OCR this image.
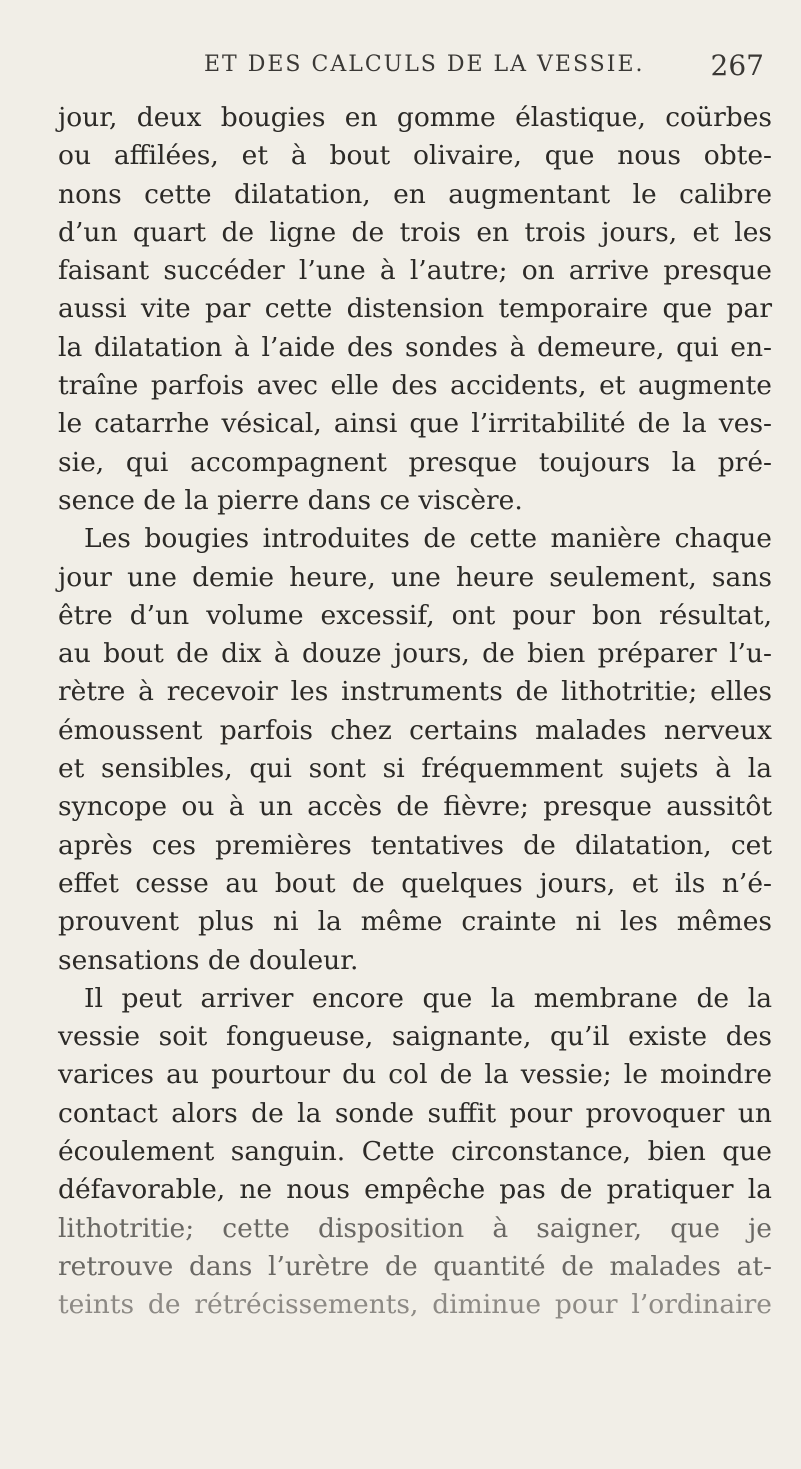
ET DES CALCULS DE LA VESSIE. 267
jour, deux bougies en gomme élastique, coürbes
ou affilées, et à bout olivaire, que nous obte-
nons cette dilatation, en augmentant le calibre
d’un quart de ligne de trois en trois jours, et les
faisant succéder l’une à l’autre; on arrive presque
aussi vite par cette distension temporaire que par
la dilatation à l’aide des sondes à demeure, qui en-
traîne parfois avec elle des accidents, et augmente
le catarrhe vésical, ainsi que l’irritabilité de la ves-
sie, qui accompagnent presque toujours la pré-
sence de la pierre dans ce viscère.
Les bougies introduites de cette manière chaque
jour une demie heure, une heure seulement, sans
être d’un volume excessif, ont pour bon résultat,
au bout de dix à douze jours, de bien préparer l’u-
rètre à recevoir les instruments de lithotritie; elles
émoussent parfois chez certains malades nerveux
et sensibles, qui sont si fréquemment sujets à la
syncope ou à un accès de fièvre; presque aussitôt
après ces premières tentatives de dilatation, cet
effet cesse au bout de quelques jours, et ils n’é-
prouvent plus ni la même crainte ni les mêmes
sensations de douleur.
Il peut arriver encore que la membrane de la
vessie soit fongueuse, saignante, qu’il existe des
varices au pourtour du col de la vessie; le moindre
contact alors de la sonde suffit pour provoquer un
écoulement sanguin. Cette circonstance, bien que
défavorable, ne nous empêche pas de pratiquer la
lithotritie; cette disposition à saigner, que je
retrouve dans l’urètre de quantité de malades at-
teints de rétrécissements, diminue pour l’ordinaire
